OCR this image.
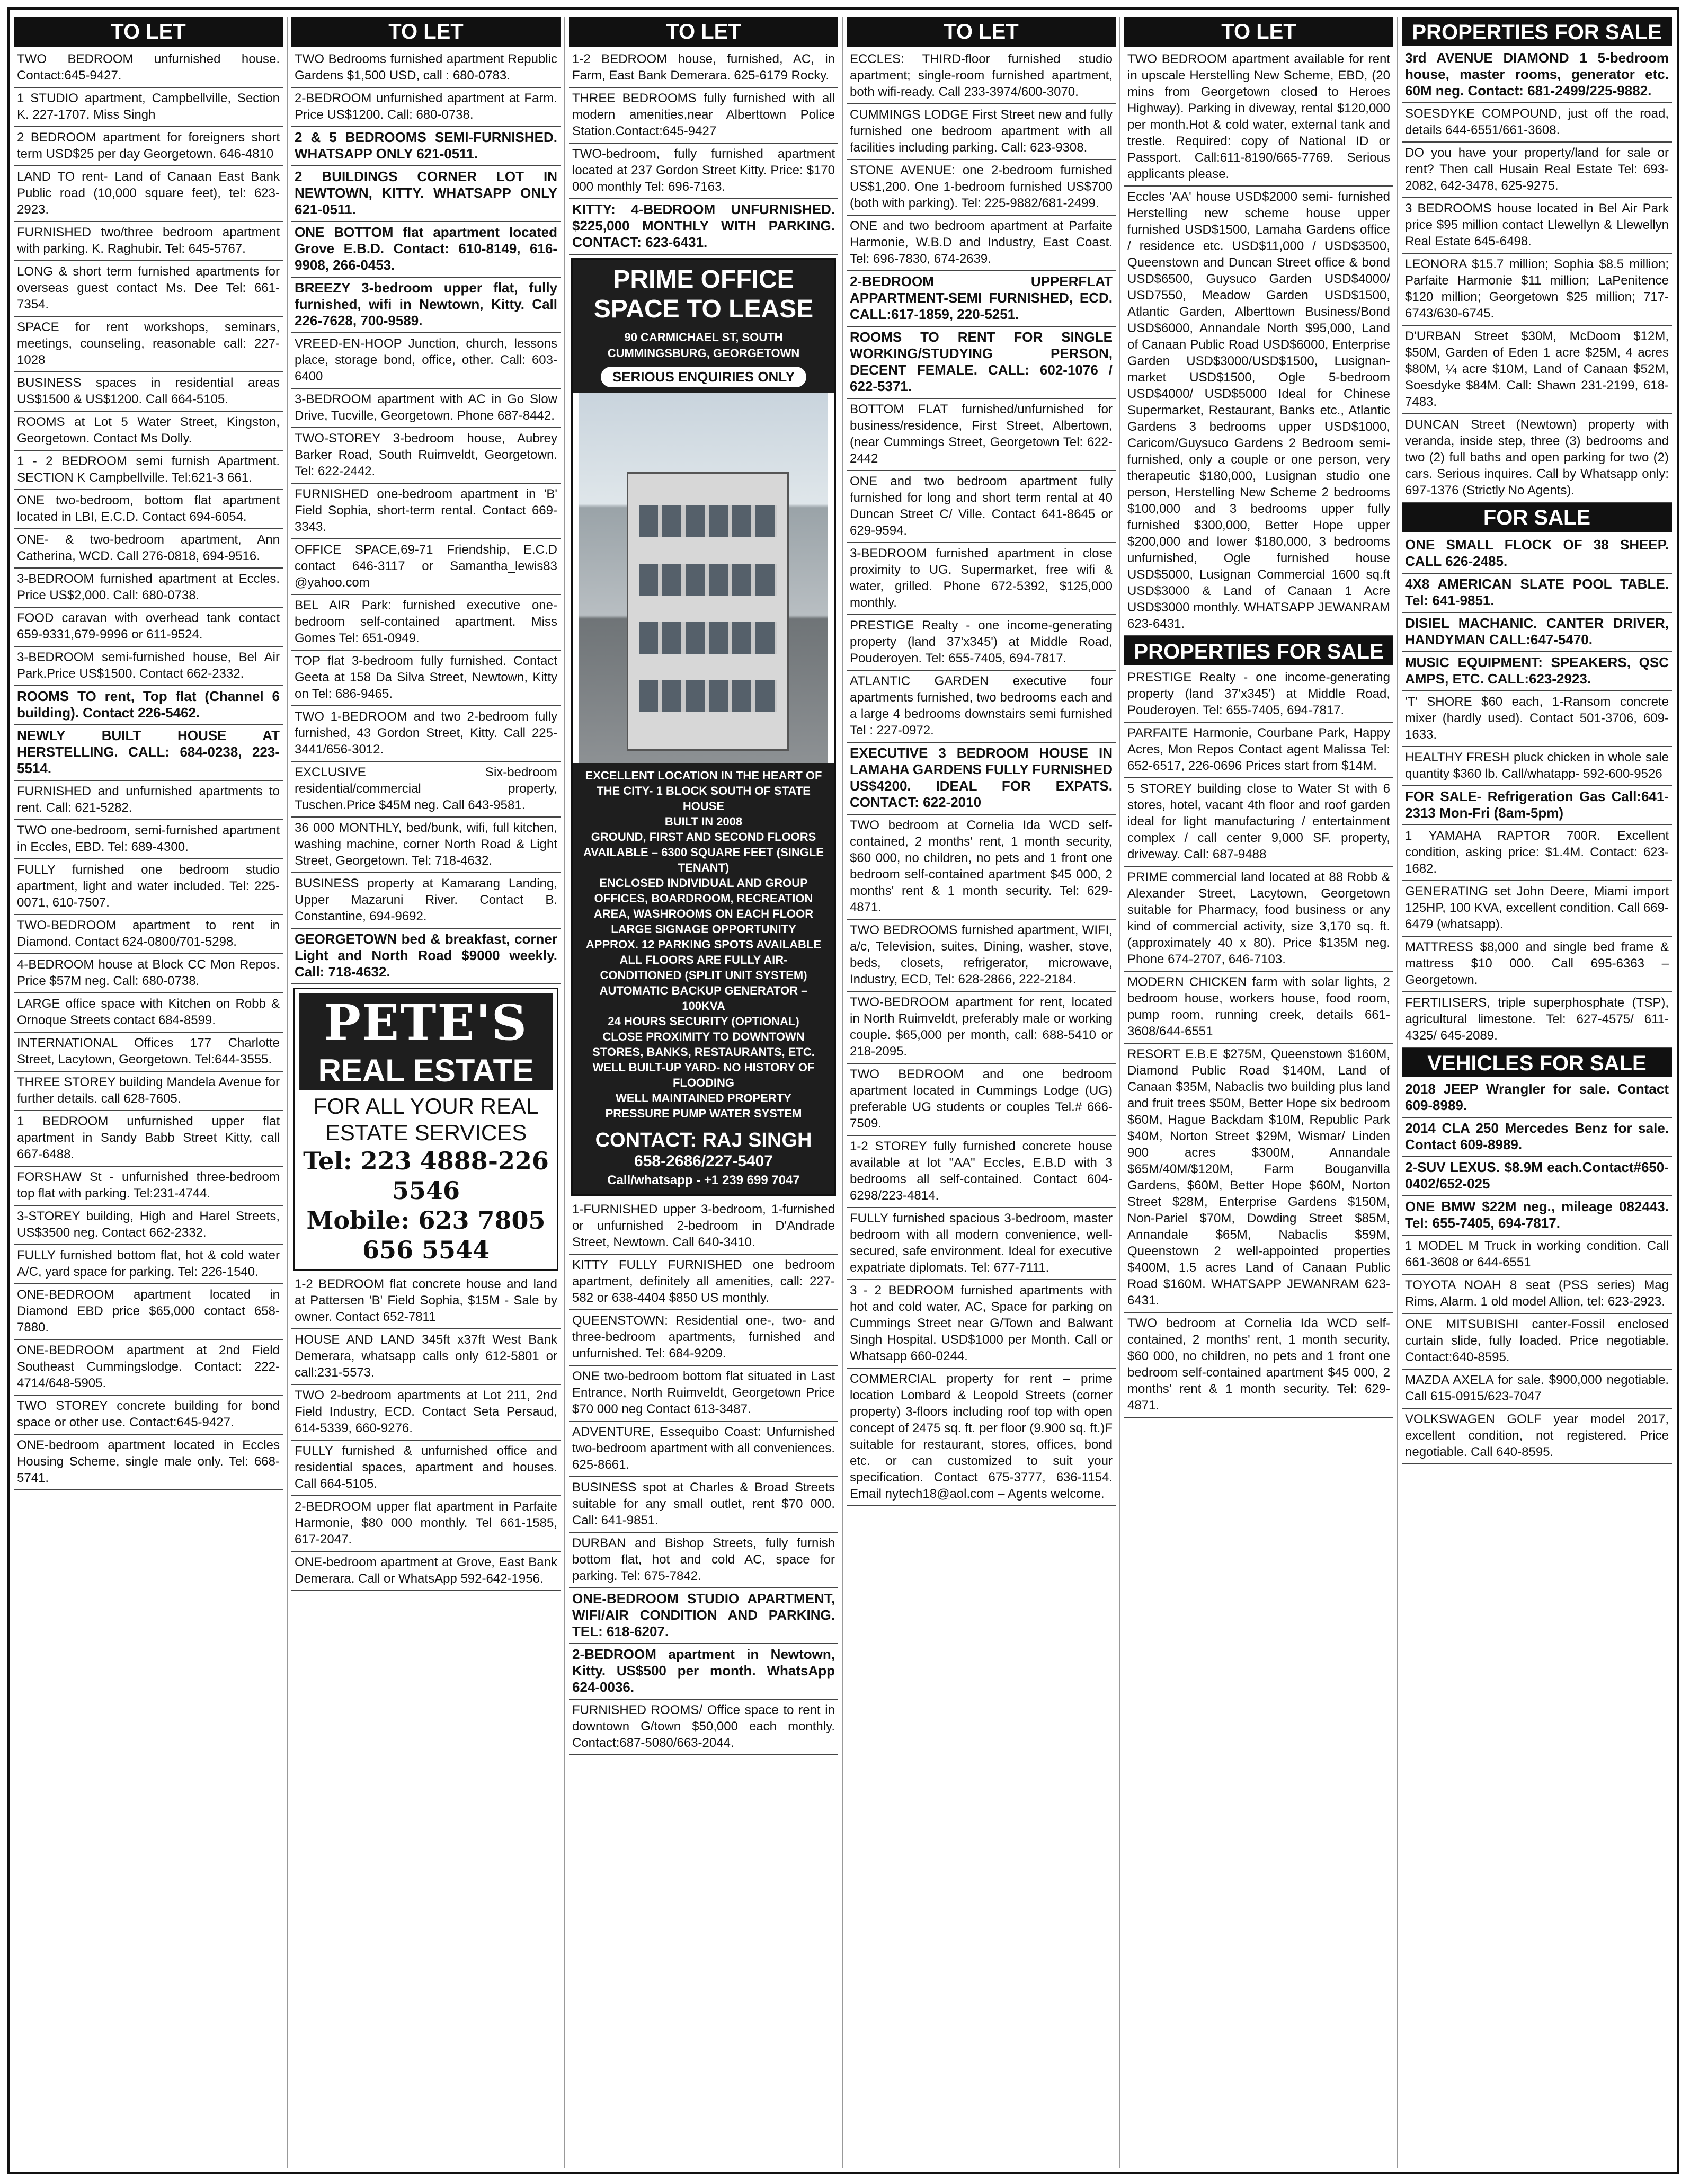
TO LET
TWO BEDROOM unfurnished house. Contact:645-9427.
1 STUDIO apartment, Campbellville, Section K. 227-1707. Miss Singh
2 BEDROOM apartment for foreigners short term USD$25 per day Georgetown. 646-4810
LAND TO rent- Land of Canaan East Bank Public road (10,000 square feet), tel: 623-2923.
FURNISHED two/three bedroom apartment with parking. K. Raghubir. Tel: 645-5767.
LONG & short term furnished apartments for overseas guest contact Ms. Dee Tel: 661-7354.
SPACE for rent workshops, seminars, meetings, counseling, reasonable call: 227-1028
BUSINESS spaces in residential areas US$1500 & US$1200. Call 664-5105.
ROOMS at Lot 5 Water Street, Kingston, Georgetown. Contact Ms Dolly.
1 - 2 BEDROOM semi furnish Apartment. SECTION K Campbellville. Tel:621-3 661.
ONE two-bedroom, bottom flat apartment located in LBI, E.C.D. Contact 694-6054.
ONE- & two-bedroom apartment, Ann Catherina, WCD. Call 276-0818, 694-9516.
3-BEDROOM furnished apartment at Eccles. Price US$2,000. Call: 680-0738.
FOOD caravan with overhead tank contact 659-9331,679-9996 or 611-9524.
3-BEDROOM semi-furnished house, Bel Air Park.Price US$1500. Contact 662-2332.
ROOMS TO rent, Top flat (Channel 6 building). Contact 226-5462.
NEWLY BUILT HOUSE AT HERSTELLING. CALL: 684-0238, 223-5514.
FURNISHED and unfurnished apartments to rent. Call: 621-5282.
TWO one-bedroom, semi-furnished apartment in Eccles, EBD. Tel: 689-4300.
FULLY furnished one bedroom studio apartment, light and water included. Tel: 225-0071, 610-7507.
TWO-BEDROOM apartment to rent in Diamond. Contact 624-0800/701-5298.
4-BEDROOM house at Block CC Mon Repos. Price $57M neg. Call: 680-0738.
LARGE office space with Kitchen on Robb & Ornoque Streets contact 684-8599.
INTERNATIONAL Offices 177 Charlotte Street, Lacytown, Georgetown. Tel:644-3555.
THREE STOREY building Mandela Avenue for further details. call 628-7605.
1 BEDROOM unfurnished upper flat apartment in Sandy Babb Street Kitty, call 667-6488.
FORSHAW St - unfurnished three-bedroom top flat with parking. Tel:231-4744.
3-STOREY building, High and Harel Streets, US$3500 neg. Contact 662-2332.
FULLY furnished bottom flat, hot & cold water A/C, yard space for parking. Tel: 226-1540.
ONE-BEDROOM apartment located in Diamond EBD price $65,000 contact 658-7880.
ONE-BEDROOM apartment at 2nd Field Southeast Cummingslodge. Contact: 222-4714/648-5905.
TWO STOREY concrete building for bond space or other use. Contact:645-9427.
ONE-bedroom apartment located in Eccles Housing Scheme, single male only. Tel: 668-5741.
TO LET
TWO Bedrooms furnished apartment Republic Gardens $1,500 USD, call : 680-0783.
2-BEDROOM unfurnished apartment at Farm. Price US$1200. Call: 680-0738.
2 & 5 BEDROOMS SEMI-FURNISHED. WHATSAPP ONLY 621-0511.
2 BUILDINGS CORNER LOT IN NEWTOWN, KITTY. WHATSAPP ONLY 621-0511.
ONE BOTTOM flat apartment located Grove E.B.D. Contact: 610-8149, 616-9908, 266-0453.
BREEZY 3-bedroom upper flat, fully furnished, wifi in Newtown, Kitty. Call 226-7628, 700-9589.
VREED-EN-HOOP Junction, church, lessons place, storage bond, office, other. Call: 603-6400
3-BEDROOM apartment with AC in Go Slow Drive, Tucville, Georgetown. Phone 687-8442.
TWO-STOREY 3-bedroom house, Aubrey Barker Road, South Ruimveldt, Georgetown. Tel: 622-2442.
FURNISHED one-bedroom apartment in 'B' Field Sophia, short-term rental. Contact 669-3343.
OFFICE SPACE,69-71 Friendship, E.C.D contact 646-3117 or Samantha_lewis83 @yahoo.com
BEL AIR Park: furnished executive one-bedroom self-contained apartment. Miss Gomes Tel: 651-0949.
TOP flat 3-bedroom fully furnished. Contact Geeta at 158 Da Silva Street, Newtown, Kitty on Tel: 686-9465.
TWO 1-BEDROOM and two 2-bedroom fully furnished, 43 Gordon Street, Kitty. Call 225-3441/656-3012.
EXCLUSIVE Six-bedroom residential/commercial property, Tuschen.Price $45M neg. Call 643-9581.
36 000 MONTHLY, bed/bunk, wifi, full kitchen, washing machine, corner North Road & Light Street, Georgetown. Tel: 718-4632.
BUSINESS property at Kamarang Landing, Upper Mazaruni River. Contact B. Constantine, 694-9692.
GEORGETOWN bed & breakfast, corner Light and North Road $9000 weekly. Call: 718-4632.
PETE'S
REAL ESTATE
FOR ALL YOUR REAL ESTATE SERVICES
Tel: 223 4888-226 5546
Mobile: 623 7805 656 5544
1-2 BEDROOM flat concrete house and land at Pattersen 'B' Field Sophia, $15M - Sale by owner. Contact 652-7811
HOUSE AND LAND 345ft x37ft West Bank Demerara, whatsapp calls only 612-5801 or call:231-5573.
TWO 2-bedroom apartments at Lot 211, 2nd Field Industry, ECD. Contact Seta Persaud, 614-5339, 660-9276.
FULLY furnished & unfurnished office and residential spaces, apartment and houses. Call 664-5105.
2-BEDROOM upper flat apartment in Parfaite Harmonie, $80 000 monthly. Tel 661-1585, 617-2047.
ONE-bedroom apartment at Grove, East Bank Demerara. Call or WhatsApp 592-642-1956.
TO LET
1-2 BEDROOM house, furnished, AC, in Farm, East Bank Demerara. 625-6179 Rocky.
THREE BEDROOMS fully furnished with all modern amenities,near Alberttown Police Station.Contact:645-9427
TWO-bedroom, fully furnished apartment located at 237 Gordon Street Kitty. Price: $170 000 monthly Tel: 696-7163.
KITTY: 4-BEDROOM UNFURNISHED. $225,000 MONTHLY WITH PARKING. CONTACT: 623-6431.
PRIME OFFICE SPACE TO LEASE
90 CARMICHAEL ST, SOUTH CUMMINGSBURG, GEORGETOWN
SERIOUS ENQUIRIES ONLY
EXCELLENT LOCATION IN THE HEART OF THE CITY- 1 BLOCK SOUTH OF STATE HOUSE
BUILT IN 2008
GROUND, FIRST AND SECOND FLOORS AVAILABLE – 6300 SQUARE FEET (SINGLE TENANT)
ENCLOSED INDIVIDUAL AND GROUP OFFICES, BOARDROOM, RECREATION AREA, WASHROOMS ON EACH FLOOR
LARGE SIGNAGE OPPORTUNITY
APPROX. 12 PARKING SPOTS AVAILABLE
ALL FLOORS ARE FULLY AIR-CONDITIONED (SPLIT UNIT SYSTEM)
AUTOMATIC BACKUP GENERATOR – 100KVA
24 HOURS SECURITY (OPTIONAL)
CLOSE PROXIMITY TO DOWNTOWN STORES, BANKS, RESTAURANTS, ETC.
WELL BUILT-UP YARD- NO HISTORY OF FLOODING
WELL MAINTAINED PROPERTY
PRESSURE PUMP WATER SYSTEM
CONTACT: RAJ SINGH
658-2686/227-5407
Call/whatsapp - +1 239 699 7047
1-FURNISHED upper 3-bedroom, 1-furnished or unfurnished 2-bedroom in D'Andrade Street, Newtown. Call 640-3410.
KITTY FULLY FURNISHED one bedroom apartment, definitely all amenities, call: 227-582 or 638-4404 $850 US monthly.
QUEENSTOWN: Residential one-, two- and three-bedroom apartments, furnished and unfurnished. Tel: 684-9209.
ONE two-bedroom bottom flat situated in Last Entrance, North Ruimveldt, Georgetown Price $70 000 neg Contact 613-3487.
ADVENTURE, Essequibo Coast: Unfurnished two-bedroom apartment with all conveniences. 625-8661.
BUSINESS spot at Charles & Broad Streets suitable for any small outlet, rent $70 000. Call: 641-9851.
DURBAN and Bishop Streets, fully furnish bottom flat, hot and cold AC, space for parking. Tel: 675-7842.
ONE-BEDROOM STUDIO APARTMENT, WIFI/AIR CONDITION AND PARKING. TEL: 618-6207.
2-BEDROOM apartment in Newtown, Kitty. US$500 per month. WhatsApp 624-0036.
FURNISHED ROOMS/ Office space to rent in downtown G/town $50,000 each monthly. Contact:687-5080/663-2044.
TO LET
ECCLES: THIRD-floor furnished studio apartment; single-room furnished apartment, both wifi-ready. Call 233-3974/600-3070.
CUMMINGS LODGE First Street new and fully furnished one bedroom apartment with all facilities including parking. Call: 623-9308.
STONE AVENUE: one 2-bedroom furnished US$1,200. One 1-bedroom furnished US$700 (both with parking). Tel: 225-9882/681-2499.
ONE and two bedroom apartment at Parfaite Harmonie, W.B.D and Industry, East Coast. Tel: 696-7830, 674-2639.
2-BEDROOM UPPERFLAT APPARTMENT-SEMI FURNISHED, ECD. CALL:617-1859, 220-5251.
ROOMS TO RENT FOR SINGLE WORKING/STUDYING PERSON, DECENT FEMALE. CALL: 602-1076 / 622-5371.
BOTTOM FLAT furnished/unfurnished for business/residence, First Street, Albertown, (near Cummings Street, Georgetown Tel: 622-2442
ONE and two bedroom apartment fully furnished for long and short term rental at 40 Duncan Street C/ Ville. Contact 641-8645 or 629-9594.
3-BEDROOM furnished apartment in close proximity to UG. Supermarket, free wifi & water, grilled. Phone 672-5392, $125,000 monthly.
PRESTIGE Realty - one income-generating property (land 37'x345') at Middle Road, Pouderoyen. Tel: 655-7405, 694-7817.
ATLANTIC GARDEN executive four apartments furnished, two bedrooms each and a large 4 bedrooms downstairs semi furnished Tel : 227-0972.
EXECUTIVE 3 BEDROOM HOUSE IN LAMAHA GARDENS FULLY FURNISHED US$4200. IDEAL FOR EXPATS. CONTACT: 622-2010
TWO bedroom at Cornelia Ida WCD self-contained, 2 months' rent, 1 month security, $60 000, no children, no pets and 1 front one bedroom self-contained apartment $45 000, 2 months' rent & 1 month security. Tel: 629-4871.
TWO BEDROOMS furnished apartment, WIFI, a/c, Television, suites, Dining, washer, stove, beds, closets, refrigerator, microwave, Industry, ECD, Tel: 628-2866, 222-2184.
TWO-BEDROOM apartment for rent, located in North Ruimveldt, preferably male or working couple. $65,000 per month, call: 688-5410 or 218-2095.
TWO BEDROOM and one bedroom apartment located in Cummings Lodge (UG) preferable UG students or couples Tel.# 666-7509.
1-2 STOREY fully furnished concrete house available at lot "AA" Eccles, E.B.D with 3 bedrooms all self-contained. Contact 604-6298/223-4814.
FULLY furnished spacious 3-bedroom, master bedroom with all modern convenience, well-secured, safe environment. Ideal for executive expatriate diplomats. Tel: 677-7111.
3 - 2 BEDROOM furnished apartments with hot and cold water, AC, Space for parking on Cummings Street near G/Town and Balwant Singh Hospital. USD$1000 per Month. Call or Whatsapp 660-0244.
COMMERCIAL property for rent – prime location Lombard & Leopold Streets (corner property) 3-floors including roof top with open concept of 2475 sq. ft. per floor (9.900 sq. ft.)F suitable for restaurant, stores, offices, bond etc. or can customized to suit your specification. Contact 675-3777, 636-1154. Email nytech18@aol.com – Agents welcome.
TO LET
TWO BEDROOM apartment available for rent in upscale Herstelling New Scheme, EBD, (20 mins from Georgetown closed to Heroes Highway). Parking in diveway, rental $120,000 per month.Hot & cold water, external tank and trestle. Required: copy of National ID or Passport. Call:611-8190/665-7769. Serious applicants please.
Eccles 'AA' house USD$2000 semi- furnished Herstelling new scheme house upper furnished USD$1500, Lamaha Gardens office / residence etc. USD$11,000 / USD$3500, Queenstown and Duncan Street office & bond USD$6500, Guysuco Garden USD$4000/ USD7550, Meadow Garden USD$1500, Atlantic Garden, Alberttown Business/Bond USD$6000, Annandale North $95,000, Land of Canaan Public Road USD$6000, Enterprise Garden USD$3000/USD$1500, Lusignan-market USD$1500, Ogle 5-bedroom USD$4000/ USD$5000 Ideal for Chinese Supermarket, Restaurant, Banks etc., Atlantic Gardens 3 bedrooms upper USD$1000, Caricom/Guysuco Gardens 2 Bedroom semi-furnished, only a couple or one person, very therapeutic $180,000, Lusignan studio one person, Herstelling New Scheme 2 bedrooms $100,000 and 3 bedrooms upper fully furnished $300,000, Better Hope upper $200,000 and lower $180,000, 3 bedrooms unfurnished, Ogle furnished house USD$5000, Lusignan Commercial 1600 sq.ft USD$3000 & Land of Canaan 1 Acre USD$3000 monthly. WHATSAPP JEWANRAM 623-6431.
PROPERTIES FOR SALE
PRESTIGE Realty - one income-generating property (land 37'x345') at Middle Road, Pouderoyen. Tel: 655-7405, 694-7817.
PARFAITE Harmonie, Courbane Park, Happy Acres, Mon Repos Contact agent Malissa Tel: 652-6517, 226-0696 Prices start from $14M.
5 STOREY building close to Water St with 6 stores, hotel, vacant 4th floor and roof garden ideal for light manufacturing / entertainment complex / call center 9,000 SF. property, driveway. Call: 687-9488
PRIME commercial land located at 88 Robb & Alexander Street, Lacytown, Georgetown suitable for Pharmacy, food business or any kind of commercial activity, size 3,170 sq. ft. (approximately 40 x 80). Price $135M neg. Phone 674-2707, 646-7103.
MODERN CHICKEN farm with solar lights, 2 bedroom house, workers house, food room, pump room, running creek, details 661-3608/644-6551
RESORT E.B.E $275M, Queenstown $160M, Diamond Public Road $140M, Land of Canaan $35M, Nabaclis two building plus land and fruit trees $50M, Better Hope six bedroom $60M, Hague Backdam $10M, Republic Park $40M, Norton Street $29M, Wismar/ Linden 900 acres $300M, Annandale $65M/40M/$120M, Farm Bouganvilla Gardens, $60M, Better Hope $60M, Norton Street $28M, Enterprise Gardens $150M, Non-Pariel $70M, Dowding Street $85M, Annandale $65M, Nabaclis $59M, Queenstown 2 well-appointed properties $400M, 1.5 acres Land of Canaan Public Road $160M. WHATSAPP JEWANRAM 623-6431.
TWO bedroom at Cornelia Ida WCD self-contained, 2 months' rent, 1 month security, $60 000, no children, no pets and 1 front one bedroom self-contained apartment $45 000, 2 months' rent & 1 month security. Tel: 629-4871.
PROPERTIES FOR SALE
3rd AVENUE DIAMOND 1 5-bedroom house, master rooms, generator etc. 60M neg. Contact: 681-2499/225-9882.
SOESDYKE COMPOUND, just off the road, details 644-6551/661-3608.
DO you have your property/land for sale or rent? Then call Husain Real Estate Tel: 693-2082, 642-3478, 625-9275.
3 BEDROOMS house located in Bel Air Park price $95 million contact Llewellyn & Llewellyn Real Estate 645-6498.
LEONORA $15.7 million; Sophia $8.5 million; Parfaite Harmonie $11 million; LaPenitence $120 million; Georgetown $25 million; 717-6743/630-6745.
D'URBAN Street $30M, McDoom $12M, $50M, Garden of Eden 1 acre $25M, 4 acres $80M, ¼ acre $10M, Land of Canaan $52M, Soesdyke $84M. Call: Shawn 231-2199, 618-7483.
DUNCAN Street (Newtown) property with veranda, inside step, three (3) bedrooms and two (2) full baths and open parking for two (2) cars. Serious inquires. Call by Whatsapp only: 697-1376 (Strictly No Agents).
FOR SALE
ONE SMALL FLOCK OF 38 SHEEP. CALL 626-2485.
4X8 AMERICAN SLATE POOL TABLE. Tel: 641-9851.
DISIEL MACHANIC. CANTER DRIVER, HANDYMAN CALL:647-5470.
MUSIC EQUIPMENT: SPEAKERS, QSC AMPS, ETC. CALL:623-2923.
'T' SHORE $60 each, 1-Ransom concrete mixer (hardly used). Contact 501-3706, 609-1633.
HEALTHY FRESH pluck chicken in whole sale quantity $360 lb. Call/whatapp- 592-600-9526
FOR SALE- Refrigeration Gas Call:641-2313 Mon-Fri (8am-5pm)
1 YAMAHA RAPTOR 700R. Excellent condition, asking price: $1.4M. Contact: 623-1682.
GENERATING set John Deere, Miami import 125HP, 100 KVA, excellent condition. Call 669-6479 (whatsapp).
MATTRESS $8,000 and single bed frame & mattress $10 000. Call 695-6363 – Georgetown.
FERTILISERS, triple superphosphate (TSP), agricultural limestone. Tel: 627-4575/ 611-4325/ 645-2089.
VEHICLES FOR SALE
2018 JEEP Wrangler for sale. Contact 609-8989.
2014 CLA 250 Mercedes Benz for sale. Contact 609-8989.
2-SUV LEXUS. $8.9M each.Contact#650-0402/652-025
ONE BMW $22M neg., mileage 082443. Tel: 655-7405, 694-7817.
1 MODEL M Truck in working condition. Call 661-3608 or 644-6551
TOYOTA NOAH 8 seat (PSS series) Mag Rims, Alarm. 1 old model Allion, tel: 623-2923.
ONE MITSUBISHI canter-Fossil enclosed curtain slide, fully loaded. Price negotiable. Contact:640-8595.
MAZDA AXELA for sale. $900,000 negotiable. Call 615-0915/623-7047
VOLKSWAGEN GOLF year model 2017, excellent condition, not registered. Price negotiable. Call 640-8595.
